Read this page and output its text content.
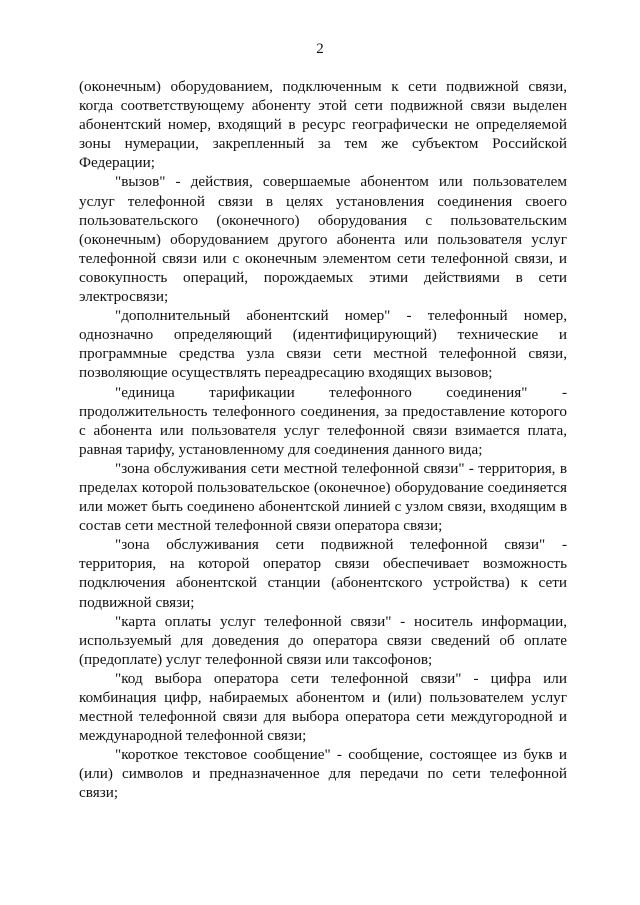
2

(оконечным) оборудованием, подключенным к сети подвижной связи, когда соответствующему абоненту этой сети подвижной связи выделен абонентский номер, входящий в ресурс географически не определяемой зоны нумерации, закрепленный за тем же субъектом Российской Федерации;

"вызов" - действия, совершаемые абонентом или пользователем услуг телефонной связи в целях установления соединения своего пользовательского (оконечного) оборудования с пользовательским (оконечным) оборудованием другого абонента или пользователя услуг телефонной связи или с оконечным элементом сети телефонной связи, и совокупность операций, порождаемых этими действиями в сети электросвязи;

"дополнительный абонентский номер" - телефонный номер, однозначно определяющий (идентифицирующий) технические и программные средства узла связи сети местной телефонной связи, позволяющие осуществлять переадресацию входящих вызовов;

"единица тарификации телефонного соединения" - продолжительность телефонного соединения, за предоставление которого с абонента или пользователя услуг телефонной связи взимается плата, равная тарифу, установленному для соединения данного вида;

"зона обслуживания сети местной телефонной связи" - территория, в пределах которой пользовательское (оконечное) оборудование соединяется или может быть соединено абонентской линией с узлом связи, входящим в состав сети местной телефонной связи оператора связи;

"зона обслуживания сети подвижной телефонной связи" - территория, на которой оператор связи обеспечивает возможность подключения абонентской станции (абонентского устройства) к сети подвижной связи;

"карта оплаты услуг телефонной связи" - носитель информации, используемый для доведения до оператора связи сведений об оплате (предоплате) услуг телефонной связи или таксофонов;

"код выбора оператора сети телефонной связи" - цифра или комбинация цифр, набираемых абонентом и (или) пользователем услуг местной телефонной связи для выбора оператора сети междугородной и международной телефонной связи;

"короткое текстовое сообщение" - сообщение, состоящее из букв и (или) символов и предназначенное для передачи по сети телефонной связи;
